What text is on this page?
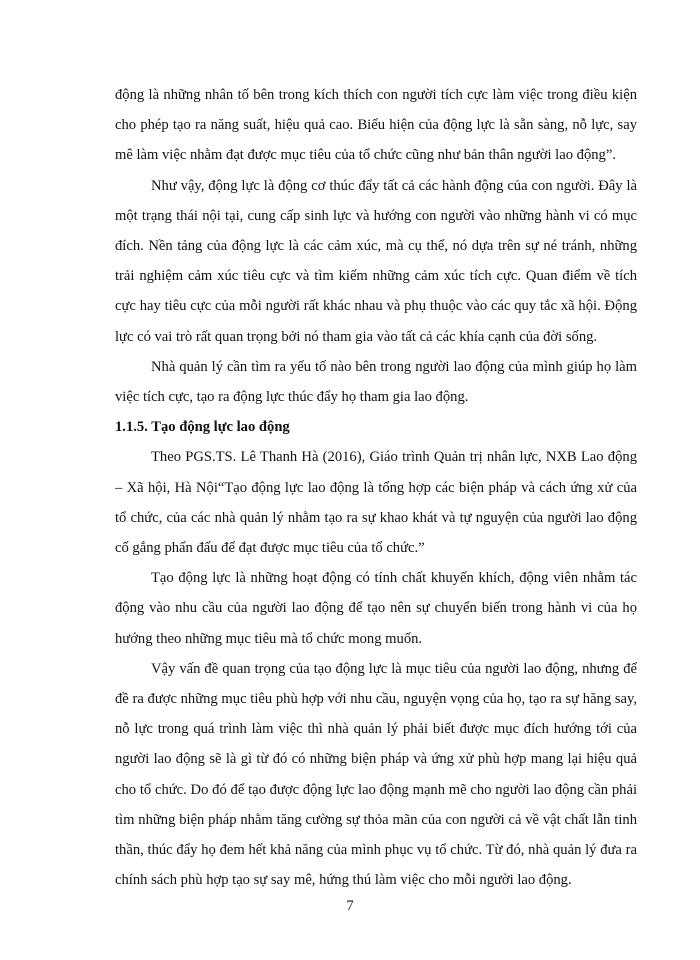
động là những nhân tố bên trong kích thích con người tích cực làm việc trong điều kiện cho phép tạo ra năng suất, hiệu quả cao. Biểu hiện của động lực là sẵn sàng, nỗ lực, say mê làm việc nhằm đạt được mục tiêu của tổ chức cũng như bản thân người lao động”.

Như vậy, động lực là động cơ thúc đẩy tất cả các hành động của con người. Đây là một trạng thái nội tại, cung cấp sinh lực và hướng con người vào những hành vi có mục đích. Nền tảng của động lực là các cảm xúc, mà cụ thể, nó dựa trên sự né tránh, những trải nghiệm cảm xúc tiêu cực và tìm kiếm những cảm xúc tích cực. Quan điểm về tích cực hay tiêu cực của mỗi người rất khác nhau và phụ thuộc vào các quy tắc xã hội. Động lực có vai trò rất quan trọng bởi nó tham gia vào tất cả các khía cạnh của đời sống.

Nhà quản lý cần tìm ra yếu tố nào bên trong người lao động của mình giúp họ làm việc tích cực, tạo ra động lực thúc đẩy họ tham gia lao động.

1.1.5. Tạo động lực lao động

Theo PGS.TS. Lê Thanh Hà (2016), Giáo trình Quản trị nhân lực, NXB Lao động – Xã hội, Hà Nội“Tạo động lực lao động là tổng hợp các biện pháp và cách ứng xử của tổ chức, của các nhà quản lý nhằm tạo ra sự khao khát và tự nguyện của người lao động cố gắng phấn đấu để đạt được mục tiêu của tổ chức.”

Tạo động lực là những hoạt động có tính chất khuyến khích, động viên nhằm tác động vào nhu cầu của người lao động để tạo nên sự chuyển biến trong hành vi của họ hướng theo những mục tiêu mà tổ chức mong muốn.

Vậy vấn đề quan trọng của tạo động lực là mục tiêu của người lao động, nhưng để đề ra được những mục tiêu phù hợp với nhu cầu, nguyện vọng của họ, tạo ra sự hăng say, nỗ lực trong quá trình làm việc thì nhà quản lý phải biết được mục đích hướng tới của người lao động sẽ là gì từ đó có những biện pháp và ứng xử phù hợp mang lại hiệu quả cho tổ chức. Do đó để tạo được động lực lao động mạnh mẽ cho người lao động cần phải tìm những biện pháp nhằm tăng cường sự thỏa mãn của con người cả về vật chất lẫn tinh thần, thúc đẩy họ đem hết khả năng của mình phục vụ tổ chức. Từ đó, nhà quản lý đưa ra chính sách phù hợp tạo sự say mê, hứng thú làm việc cho mỗi người lao động.

7
